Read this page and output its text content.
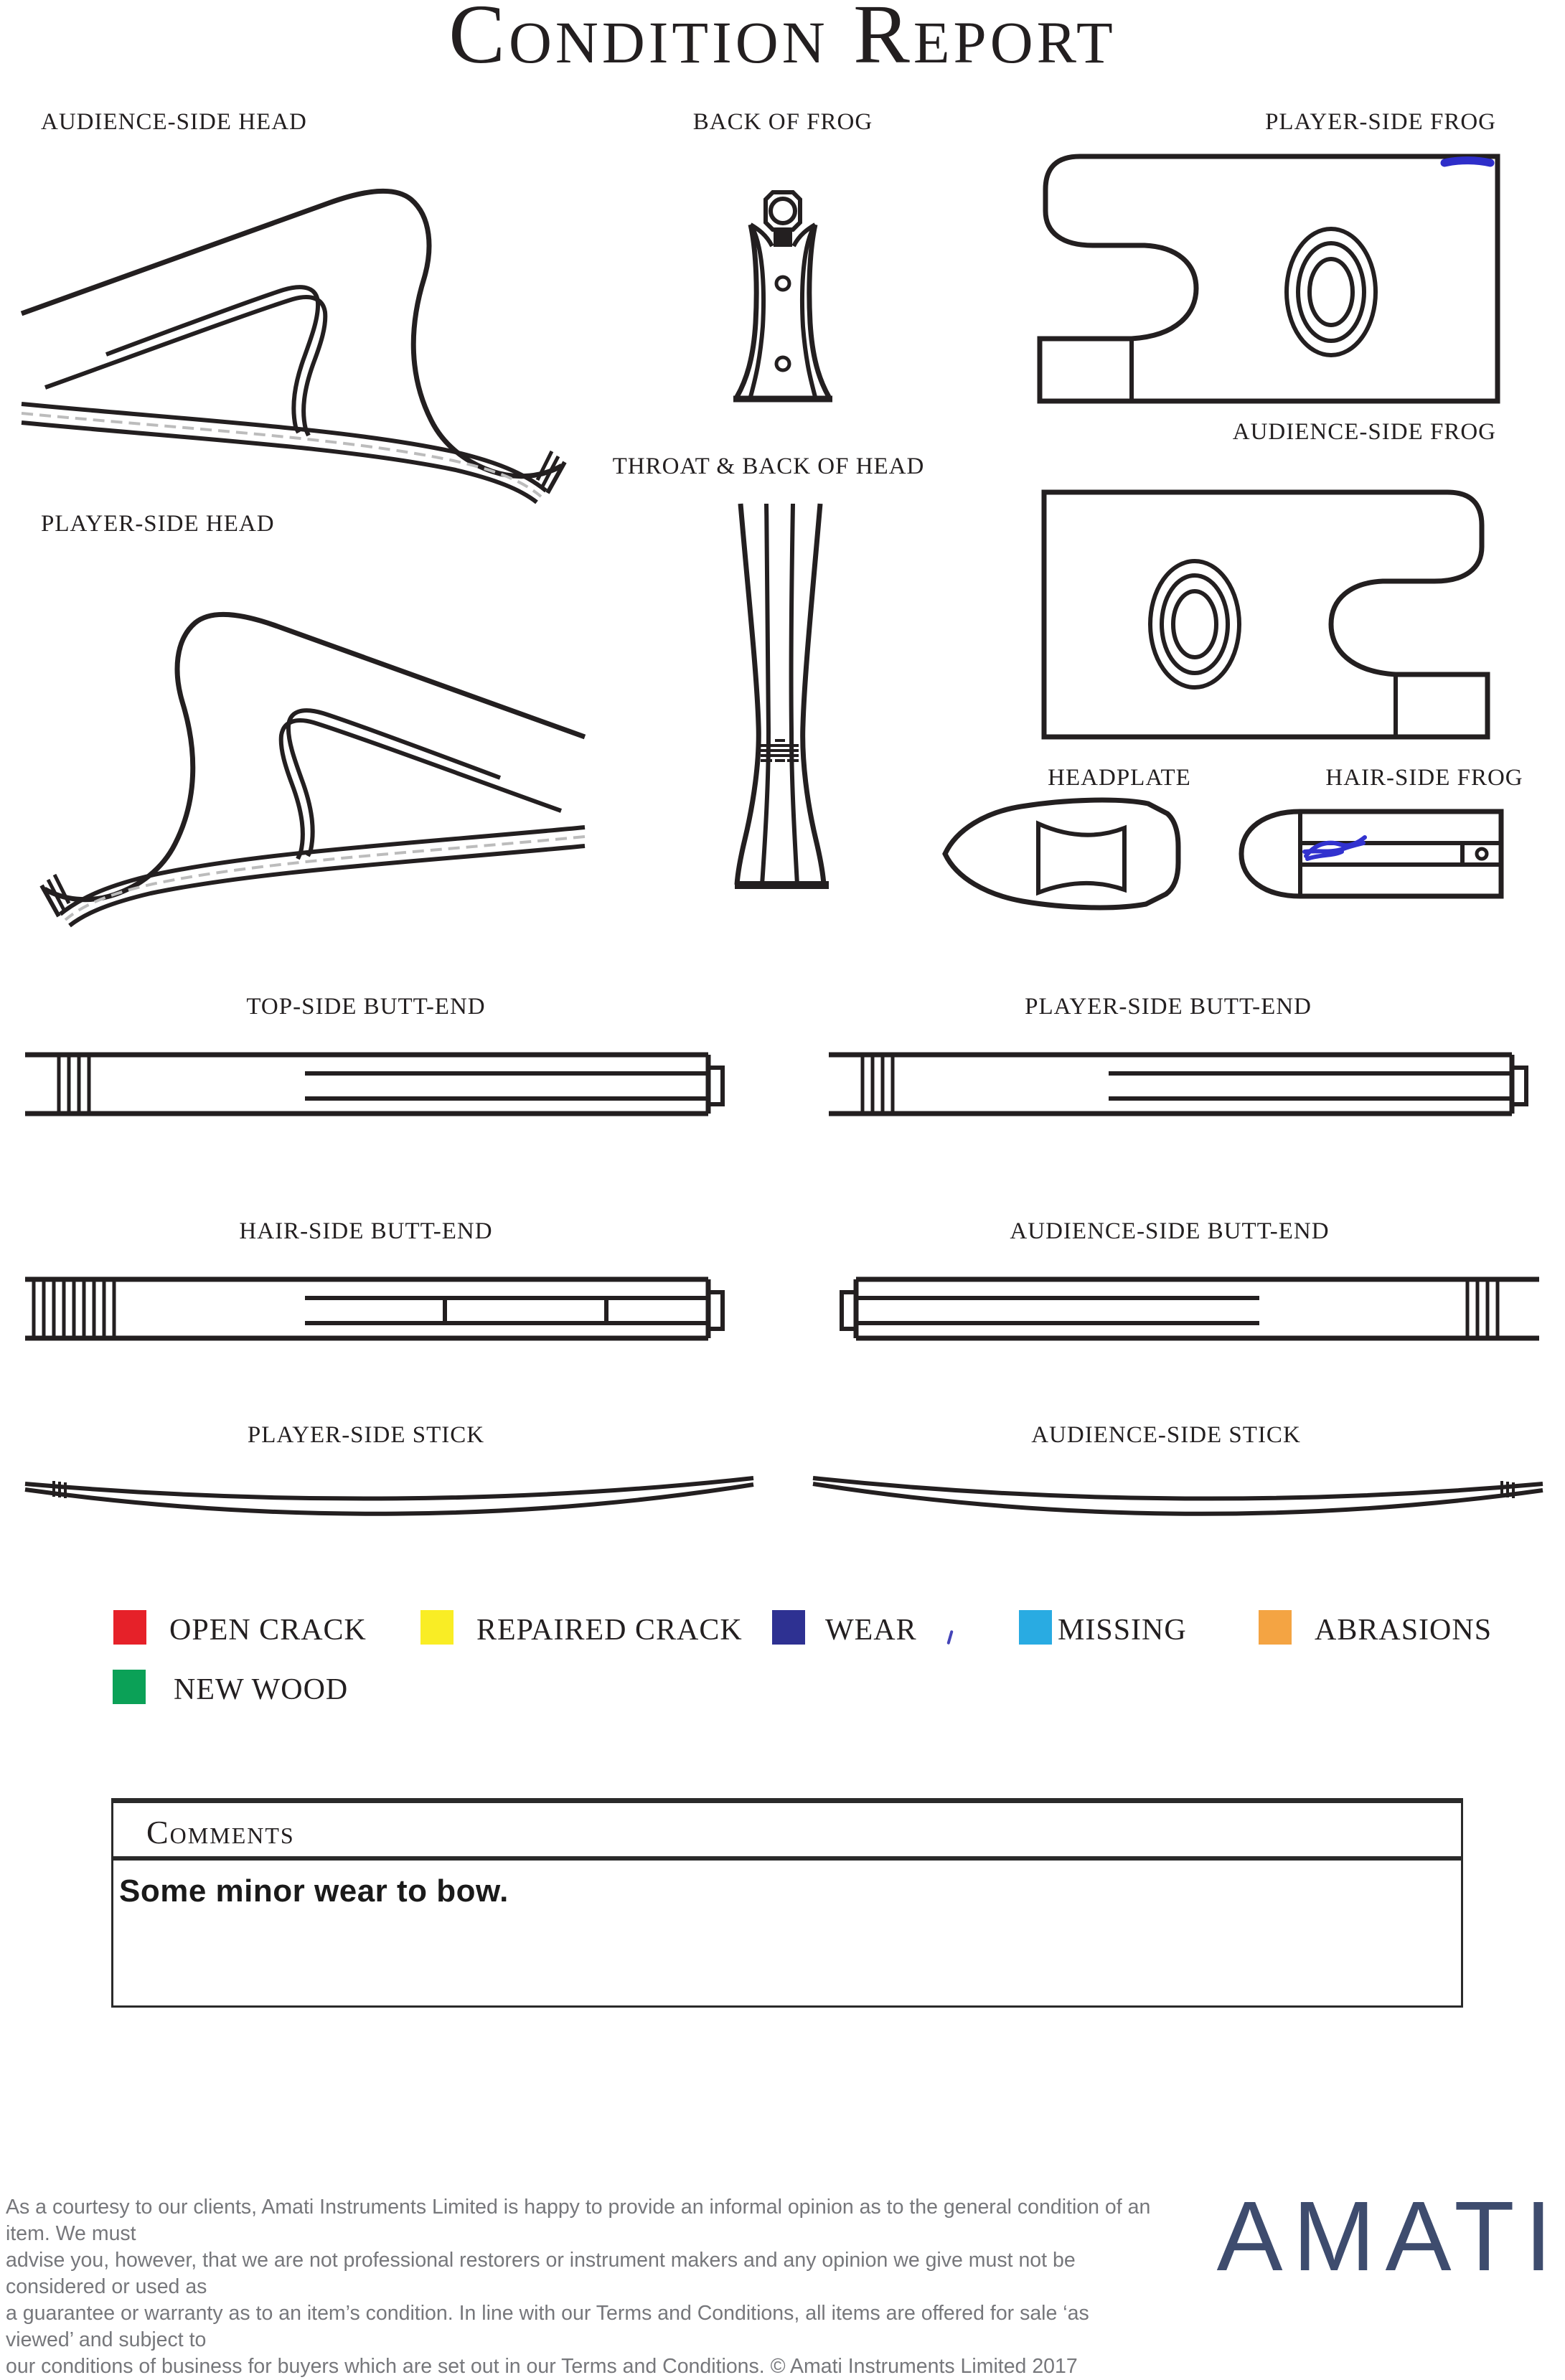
Condition Report
AUDIENCE-SIDE HEAD	BACK OF FROG	PLAYER-SIDE FROG
AUDIENCE-SIDE FROG
PLAYER-SIDE HEAD
THROAT & BACK OF HEAD
HEADPLATE	HAIR-SIDE FROG
TOP-SIDE BUTT-END	PLAYER-SIDE BUTT-END
HAIR-SIDE BUTT-END	AUDIENCE-SIDE BUTT-END
PLAYER-SIDE STICK	AUDIENCE-SIDE STICK
OPEN CRACK	REPAIRED CRACK	WEAR	MISSING	ABRASIONS
NEW WOOD
Comments
Some minor wear to bow.
As a courtesy to our clients, Amati Instruments Limited is happy to provide an informal opinion as to the general condition of an item. We must
advise you, however, that we are not professional restorers or instrument makers and any opinion we give must not be considered or used as
a guarantee or warranty as to an item’s condition. In line with our Terms and Conditions, all items are offered for sale ‘as viewed’ and subject to
our conditions of business for buyers which are set out in our Terms and Conditions. © Amati Instruments Limited 2017
AMATI
